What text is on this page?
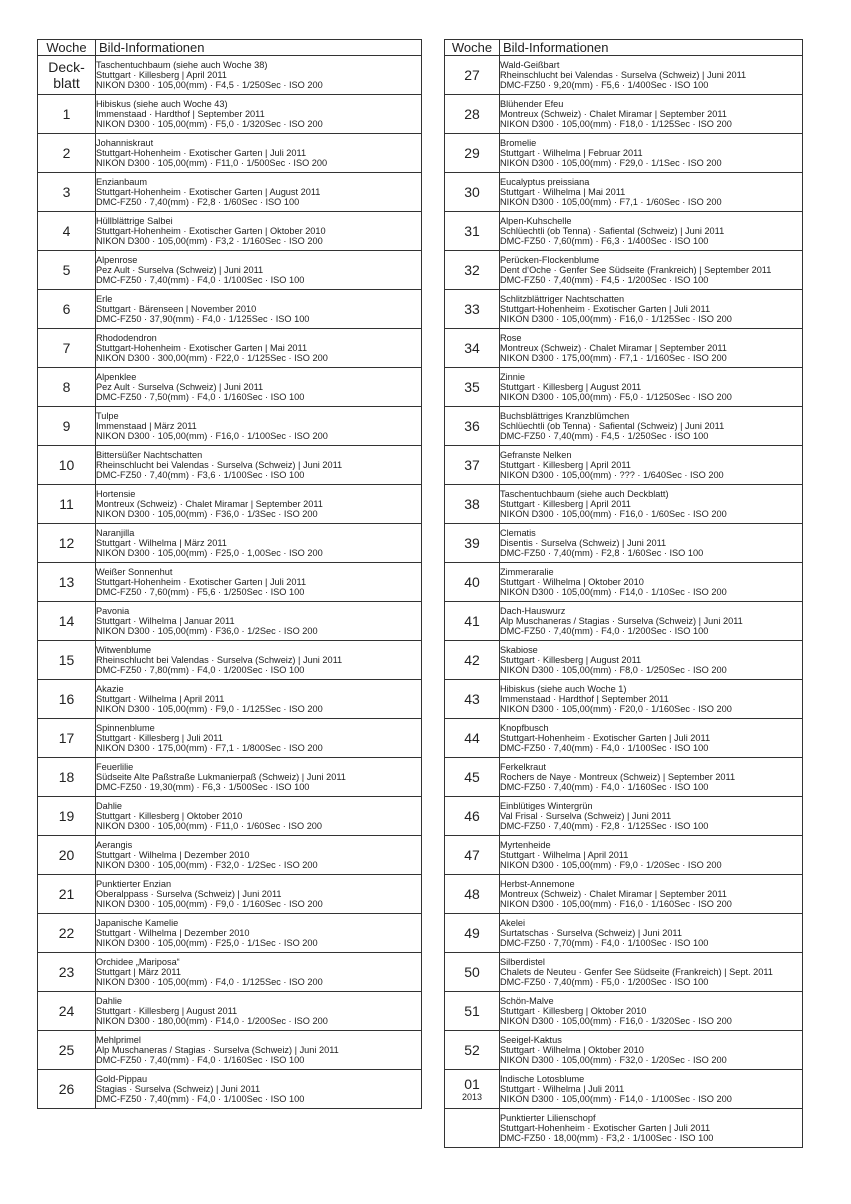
Woche	Bild-Informationen
Deck-blatt	Taschentuchbaum (siehe auch Woche 38)
Stuttgart · Killesberg | April 2011
NIKON D300 · 105,00(mm) · F4,5 · 1/250Sec · ISO 200

1	Hibiskus (siehe auch Woche 43)
Immenstaad · Hardthof | September 2011
NIKON D300 · 105,00(mm) · F5,0 · 1/320Sec · ISO 200

2	Johanniskraut
Stuttgart-Hohenheim · Exotischer Garten | Juli 2011
NIKON D300 · 105,00(mm) · F11,0 · 1/500Sec · ISO 200

3	Enzianbaum
Stuttgart-Hohenheim · Exotischer Garten | August 2011
DMC-FZ50 · 7,40(mm) · F2,8 · 1/60Sec · ISO 100

4	Hüllblättrige Salbei
Stuttgart-Hohenheim · Exotischer Garten | Oktober 2010
NIKON D300 · 105,00(mm) · F3,2 · 1/160Sec · ISO 200

5	Alpenrose
Pez Ault · Surselva (Schweiz) | Juni 2011
DMC-FZ50 · 7,40(mm) · F4,0 · 1/100Sec · ISO 100

6	Erle
Stuttgart · Bärenseen | November 2010
DMC-FZ50 · 37,90(mm) · F4,0 · 1/125Sec · ISO 100

7	Rhododendron
Stuttgart-Hohenheim · Exotischer Garten | Mai 2011
NIKON D300 · 300,00(mm) · F22,0 · 1/125Sec · ISO 200

8	Alpenklee
Pez Ault · Surselva (Schweiz) | Juni 2011
DMC-FZ50 · 7,50(mm) · F4,0 · 1/160Sec · ISO 100

9	Tulpe
Immenstaad | März 2011
NIKON D300 · 105,00(mm) · F16,0 · 1/100Sec · ISO 200

10	Bittersüßer Nachtschatten
Rheinschlucht bei Valendas · Surselva (Schweiz) | Juni 2011
DMC-FZ50 · 7,40(mm) · F3,6 · 1/100Sec · ISO 100

11	Hortensie
Montreux (Schweiz) · Chalet Miramar | September 2011
NIKON D300 · 105,00(mm) · F36,0 · 1/3Sec · ISO 200

12	Naranjilla
Stuttgart · Wilhelma | März 2011
NIKON D300 · 105,00(mm) · F25,0 · 1,00Sec · ISO 200

13	Weißer Sonnenhut
Stuttgart-Hohenheim · Exotischer Garten | Juli 2011
DMC-FZ50 · 7,60(mm) · F5,6 · 1/250Sec · ISO 100

14	Pavonia
Stuttgart · Wilhelma | Januar 2011
NIKON D300 · 105,00(mm) · F36,0 · 1/2Sec · ISO 200

15	Witwenblume
Rheinschlucht bei Valendas · Surselva (Schweiz) | Juni 2011
DMC-FZ50 · 7,80(mm) · F4,0 · 1/200Sec · ISO 100

16	Akazie
Stuttgart · Wilhelma | April 2011
NIKON D300 · 105,00(mm) · F9,0 · 1/125Sec · ISO 200

17	Spinnenblume
Stuttgart · Killesberg | Juli 2011
NIKON D300 · 175,00(mm) · F7,1 · 1/800Sec · ISO 200

18	Feuerlilie
Südseite Alte Paßstraße Lukmanierpaß (Schweiz) | Juni 2011
DMC-FZ50 · 19,30(mm) · F6,3 · 1/500Sec · ISO 100

19	Dahlie
Stuttgart · Killesberg | Oktober 2010
NIKON D300 · 105,00(mm) · F11,0 · 1/60Sec · ISO 200

20	Aerangis
Stuttgart · Wilhelma | Dezember 2010
NIKON D300 · 105,00(mm) · F32,0 · 1/2Sec · ISO 200

21	Punktierter Enzian
Oberalppass · Surselva (Schweiz) | Juni 2011
NIKON D300 · 105,00(mm) · F9,0 · 1/160Sec · ISO 200

22	Japanische Kamelie
Stuttgart · Wilhelma | Dezember 2010
NIKON D300 · 105,00(mm) · F25,0 · 1/1Sec · ISO 200

23	Orchidee „Mariposa“
Stuttgart | März 2011
NIKON D300 · 105,00(mm) · F4,0 · 1/125Sec · ISO 200

24	Dahlie
Stuttgart · Killesberg | August 2011
NIKON D300 · 180,00(mm) · F14,0 · 1/200Sec · ISO 200

25	Mehlprimel
Alp Muschaneras / Stagias · Surselva (Schweiz) | Juni 2011
DMC-FZ50 · 7,40(mm) · F4,0 · 1/160Sec · ISO 100

26	Gold-Pippau
Stagias · Surselva (Schweiz) | Juni 2011
DMC-FZ50 · 7,40(mm) · F4,0 · 1/100Sec · ISO 100
Woche	Bild-Informationen
27	Wald-Geißbart
Rheinschlucht bei Valendas · Surselva (Schweiz) | Juni 2011
DMC-FZ50 · 9,20(mm) · F5,6 · 1/400Sec · ISO 100

28	Blühender Efeu
Montreux (Schweiz) · Chalet Miramar | September 2011
NIKON D300 · 105,00(mm) · F18,0 · 1/125Sec · ISO 200

29	Bromelie
Stuttgart · Wilhelma | Februar 2011
NIKON D300 · 105,00(mm) · F29,0 · 1/1Sec · ISO 200

30	Eucalyptus preissiana
Stuttgart · Wilhelma | Mai 2011
NIKON D300 · 105,00(mm) · F7,1 · 1/60Sec · ISO 200

31	Alpen-Kuhschelle
Schlüechtli (ob Tenna) · Safiental (Schweiz) | Juni 2011
DMC-FZ50 · 7,60(mm) · F6,3 · 1/400Sec · ISO 100

32	Perücken-Flockenblume
Dent d‘Oche · Genfer See Südseite (Frankreich) | September 2011
DMC-FZ50 · 7,40(mm) · F4,5 · 1/200Sec · ISO 100

33	Schlitzblättriger Nachtschatten
Stuttgart-Hohenheim · Exotischer Garten | Juli 2011
NIKON D300 · 105,00(mm) · F16,0 · 1/125Sec · ISO 200

34	Rose
Montreux (Schweiz) · Chalet Miramar | September 2011
NIKON D300 · 175,00(mm) · F7,1 · 1/160Sec · ISO 200

35	Zinnie
Stuttgart · Killesberg | August 2011
NIKON D300 · 105,00(mm) · F5,0 · 1/1250Sec · ISO 200

36	Buchsblättriges Kranzblümchen
Schlüechtli (ob Tenna) · Safiental (Schweiz) | Juni 2011
DMC-FZ50 · 7,40(mm) · F4,5 · 1/250Sec · ISO 100

37	Gefranste Nelken
Stuttgart · Killesberg | April 2011
NIKON D300 · 105,00(mm) · ??? · 1/640Sec · ISO 200

38	Taschentuchbaum (siehe auch Deckblatt)
Stuttgart · Killesberg | April 2011
NIKON D300 · 105,00(mm) · F16,0 · 1/60Sec · ISO 200

39	Clematis
Disentis · Surselva (Schweiz) | Juni 2011
DMC-FZ50 · 7,40(mm) · F2,8 · 1/60Sec · ISO 100

40	Zimmeraralie
Stuttgart · Wilhelma | Oktober 2010
NIKON D300 · 105,00(mm) · F14,0 · 1/10Sec · ISO 200

41	Dach-Hauswurz
Alp Muschaneras / Stagias · Surselva (Schweiz) | Juni 2011
DMC-FZ50 · 7,40(mm) · F4,0 · 1/200Sec · ISO 100

42	Skabiose
Stuttgart · Killesberg | August 2011
NIKON D300 · 105,00(mm) · F8,0 · 1/250Sec · ISO 200

43	Hibiskus (siehe auch Woche 1)
Immenstaad · Hardthof | September 2011
NIKON D300 · 105,00(mm) · F20,0 · 1/160Sec · ISO 200

44	Knopfbusch
Stuttgart-Hohenheim · Exotischer Garten | Juli 2011
DMC-FZ50 · 7,40(mm) · F4,0 · 1/100Sec · ISO 100

45	Ferkelkraut
Rochers de Naye · Montreux (Schweiz) | September 2011
DMC-FZ50 · 7,40(mm) · F4,0 · 1/160Sec · ISO 100

46	Einblütiges Wintergrün
Val Frisal · Surselva (Schweiz) | Juni 2011
DMC-FZ50 · 7,40(mm) · F2,8 · 1/125Sec · ISO 100

47	Myrtenheide
Stuttgart · Wilhelma | April 2011
NIKON D300 · 105,00(mm) · F9,0 · 1/20Sec · ISO 200

48	Herbst-Annemone
Montreux (Schweiz) · Chalet Miramar | September 2011
NIKON D300 · 105,00(mm) · F16,0 · 1/160Sec · ISO 200

49	Akelei
Surtatschas · Surselva (Schweiz) | Juni 2011
DMC-FZ50 · 7,70(mm) · F4,0 · 1/100Sec · ISO 100

50	Silberdistel
Chalets de Neuteu · Genfer See Südseite (Frankreich) | Sept. 2011
DMC-FZ50 · 7,40(mm) · F5,0 · 1/200Sec · ISO 100

51	Schön-Malve
Stuttgart · Killesberg | Oktober 2010
NIKON D300 · 105,00(mm) · F16,0 · 1/320Sec · ISO 200

52	Seeigel-Kaktus
Stuttgart · Wilhelma | Oktober 2010
NIKON D300 · 105,00(mm) · F32,0 · 1/20Sec · ISO 200

01
2013	Indische Lotosblume
Stuttgart · Wilhelma | Juli 2011
NIKON D300 · 105,00(mm) · F14,0 · 1/100Sec · ISO 200

	Punktierter Lilienschopf
Stuttgart-Hohenheim · Exotischer Garten | Juli 2011
DMC-FZ50 · 18,00(mm) · F3,2 · 1/100Sec · ISO 100
